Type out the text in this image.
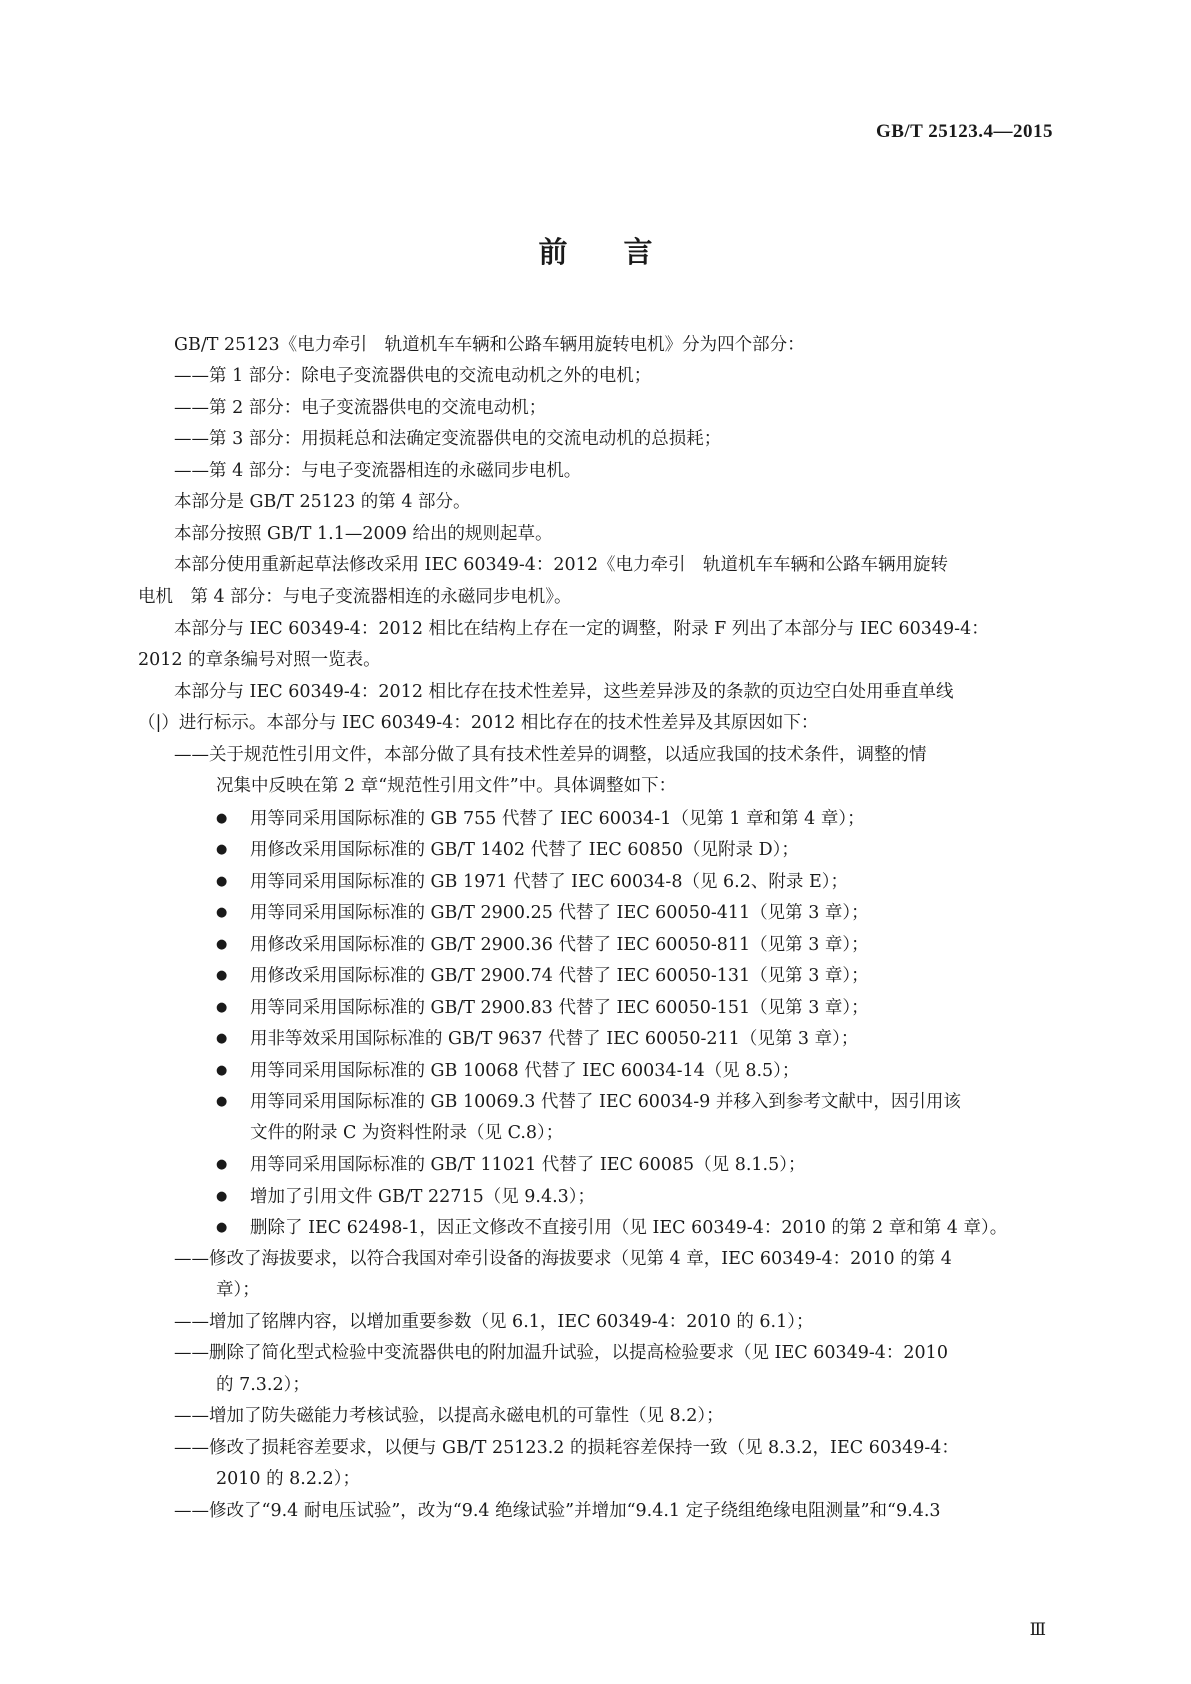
GB/T 25123.4—2015
前言
GB/T 25123《电力牵引　轨道机车车辆和公路车辆用旋转电机》分为四个部分：
——第 1 部分：除电子变流器供电的交流电动机之外的电机；
——第 2 部分：电子变流器供电的交流电动机；
——第 3 部分：用损耗总和法确定变流器供电的交流电动机的总损耗；
——第 4 部分：与电子变流器相连的永磁同步电机。
本部分是 GB/T 25123 的第 4 部分。
本部分按照 GB/T 1.1—2009 给出的规则起草。
本部分使用重新起草法修改采用 IEC 60349-4：2012《电力牵引　轨道机车车辆和公路车辆用旋转
电机　第 4 部分：与电子变流器相连的永磁同步电机》。
本部分与 IEC 60349-4：2012 相比在结构上存在一定的调整，附录 F 列出了本部分与 IEC 60349-4：
2012 的章条编号对照一览表。
本部分与 IEC 60349-4：2012 相比存在技术性差异，这些差异涉及的条款的页边空白处用垂直单线
（|）进行标示。本部分与 IEC 60349-4：2012 相比存在的技术性差异及其原因如下：
——关于规范性引用文件，本部分做了具有技术性差异的调整，以适应我国的技术条件，调整的情
况集中反映在第 2 章“规范性引用文件”中。具体调整如下：
● 用等同采用国际标准的 GB 755 代替了 IEC 60034-1（见第 1 章和第 4 章）；
● 用修改采用国际标准的 GB/T 1402 代替了 IEC 60850（见附录 D）；
● 用等同采用国际标准的 GB 1971 代替了 IEC 60034-8（见 6.2、附录 E）；
● 用等同采用国际标准的 GB/T 2900.25 代替了 IEC 60050-411（见第 3 章）；
● 用修改采用国际标准的 GB/T 2900.36 代替了 IEC 60050-811（见第 3 章）；
● 用修改采用国际标准的 GB/T 2900.74 代替了 IEC 60050-131（见第 3 章）；
● 用等同采用国际标准的 GB/T 2900.83 代替了 IEC 60050-151（见第 3 章）；
● 用非等效采用国际标准的 GB/T 9637 代替了 IEC 60050-211（见第 3 章）；
● 用等同采用国际标准的 GB 10068 代替了 IEC 60034-14（见 8.5）；
● 用等同采用国际标准的 GB 10069.3 代替了 IEC 60034-9 并移入到参考文献中，因引用该
文件的附录 C 为资料性附录（见 C.8）；
● 用等同采用国际标准的 GB/T 11021 代替了 IEC 60085（见 8.1.5）；
● 增加了引用文件 GB/T 22715（见 9.4.3）；
● 删除了 IEC 62498-1，因正文修改不直接引用（见 IEC 60349-4：2010 的第 2 章和第 4 章）。
——修改了海拔要求，以符合我国对牵引设备的海拔要求（见第 4 章，IEC 60349-4：2010 的第 4
章）；
——增加了铭牌内容，以增加重要参数（见 6.1，IEC 60349-4：2010 的 6.1）；
——删除了简化型式检验中变流器供电的附加温升试验，以提高检验要求（见 IEC 60349-4：2010
的 7.3.2）；
——增加了防失磁能力考核试验，以提高永磁电机的可靠性（见 8.2）；
——修改了损耗容差要求，以便与 GB/T 25123.2 的损耗容差保持一致（见 8.3.2，IEC 60349-4：
2010 的 8.2.2）；
——修改了“9.4 耐电压试验”，改为“9.4 绝缘试验”并增加“9.4.1 定子绕组绝缘电阻测量”和“9.4.3
Ⅲ
